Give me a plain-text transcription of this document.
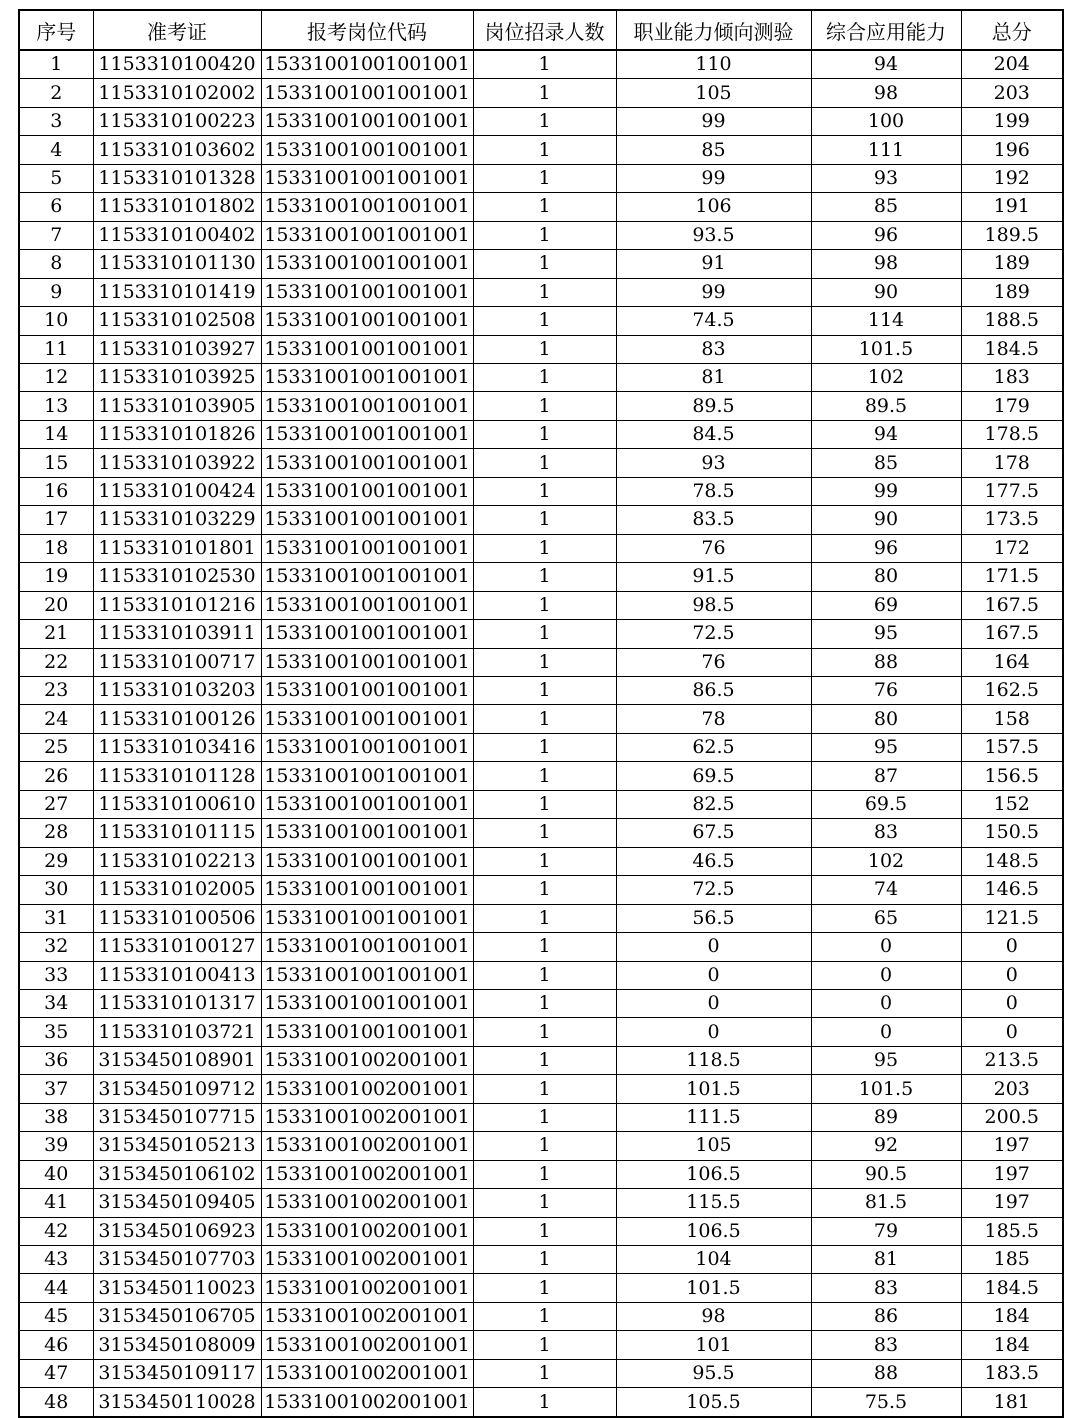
序号	准考证	报考岗位代码	岗位招录人数	职业能力倾向测验	综合应用能力	总分
1	1153310100420	15331001001001001	1	110	94	204
2	1153310102002	15331001001001001	1	105	98	203
3	1153310100223	15331001001001001	1	99	100	199
4	1153310103602	15331001001001001	1	85	111	196
5	1153310101328	15331001001001001	1	99	93	192
6	1153310101802	15331001001001001	1	106	85	191
7	1153310100402	15331001001001001	1	93.5	96	189.5
8	1153310101130	15331001001001001	1	91	98	189
9	1153310101419	15331001001001001	1	99	90	189
10	1153310102508	15331001001001001	1	74.5	114	188.5
11	1153310103927	15331001001001001	1	83	101.5	184.5
12	1153310103925	15331001001001001	1	81	102	183
13	1153310103905	15331001001001001	1	89.5	89.5	179
14	1153310101826	15331001001001001	1	84.5	94	178.5
15	1153310103922	15331001001001001	1	93	85	178
16	1153310100424	15331001001001001	1	78.5	99	177.5
17	1153310103229	15331001001001001	1	83.5	90	173.5
18	1153310101801	15331001001001001	1	76	96	172
19	1153310102530	15331001001001001	1	91.5	80	171.5
20	1153310101216	15331001001001001	1	98.5	69	167.5
21	1153310103911	15331001001001001	1	72.5	95	167.5
22	1153310100717	15331001001001001	1	76	88	164
23	1153310103203	15331001001001001	1	86.5	76	162.5
24	1153310100126	15331001001001001	1	78	80	158
25	1153310103416	15331001001001001	1	62.5	95	157.5
26	1153310101128	15331001001001001	1	69.5	87	156.5
27	1153310100610	15331001001001001	1	82.5	69.5	152
28	1153310101115	15331001001001001	1	67.5	83	150.5
29	1153310102213	15331001001001001	1	46.5	102	148.5
30	1153310102005	15331001001001001	1	72.5	74	146.5
31	1153310100506	15331001001001001	1	56.5	65	121.5
32	1153310100127	15331001001001001	1	0	0	0
33	1153310100413	15331001001001001	1	0	0	0
34	1153310101317	15331001001001001	1	0	0	0
35	1153310103721	15331001001001001	1	0	0	0
36	3153450108901	15331001002001001	1	118.5	95	213.5
37	3153450109712	15331001002001001	1	101.5	101.5	203
38	3153450107715	15331001002001001	1	111.5	89	200.5
39	3153450105213	15331001002001001	1	105	92	197
40	3153450106102	15331001002001001	1	106.5	90.5	197
41	3153450109405	15331001002001001	1	115.5	81.5	197
42	3153450106923	15331001002001001	1	106.5	79	185.5
43	3153450107703	15331001002001001	1	104	81	185
44	3153450110023	15331001002001001	1	101.5	83	184.5
45	3153450106705	15331001002001001	1	98	86	184
46	3153450108009	15331001002001001	1	101	83	184
47	3153450109117	15331001002001001	1	95.5	88	183.5
48	3153450110028	15331001002001001	1	105.5	75.5	181
